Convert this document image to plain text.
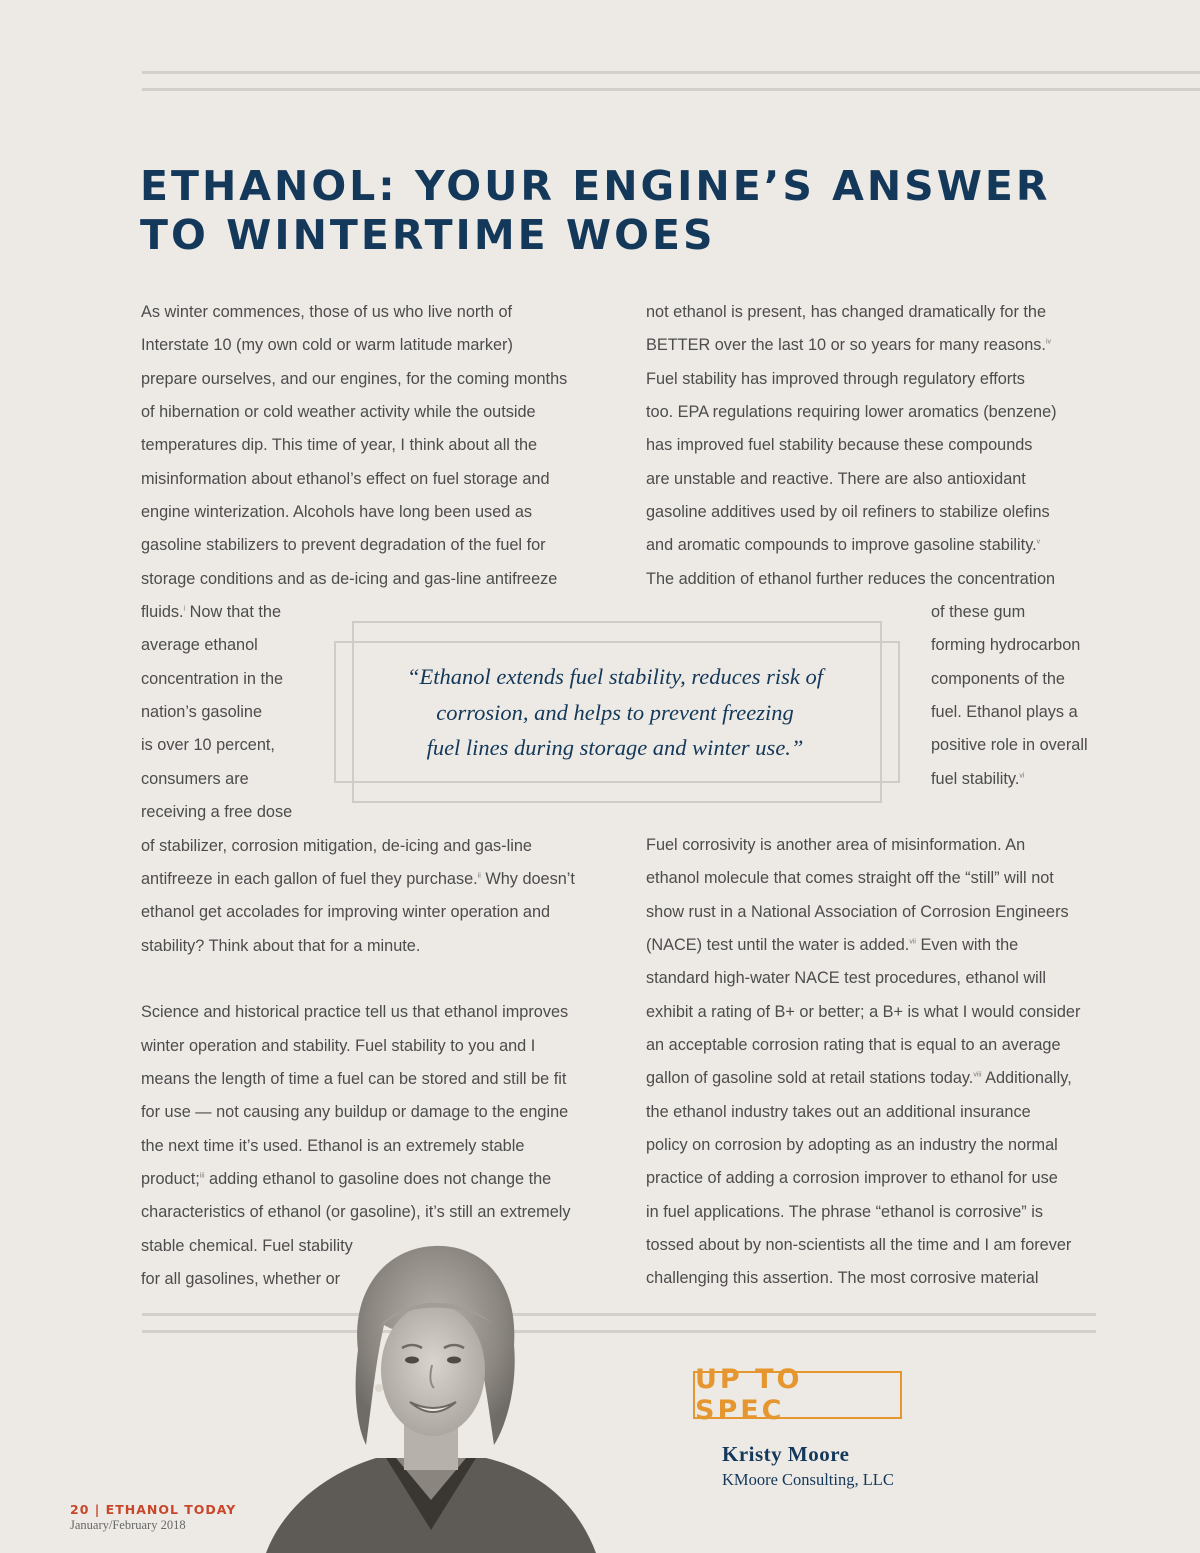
ETHANOL: YOUR ENGINE’S ANSWER
TO WINTERTIME WOES
As winter commences, those of us who live north of
Interstate 10 (my own cold or warm latitude marker)
prepare ourselves, and our engines, for the coming months
of hibernation or cold weather activity while the outside
temperatures dip. This time of year, I think about all the
misinformation about ethanol’s effect on fuel storage and
engine winterization. Alcohols have long been used as
gasoline stabilizers to prevent degradation of the fuel for
storage conditions and as de-icing and gas-line antifreeze
fluids.$^i$ Now that the
average ethanol
concentration in the
nation’s gasoline
is over 10 percent,
consumers are
receiving a free dose
of stabilizer, corrosion mitigation, de-icing and gas-line
antifreeze in each gallon of fuel they purchase.$^{ii}$ Why doesn’t
ethanol get accolades for improving winter operation and
stability? Think about that for a minute.
Science and historical practice tell us that ethanol improves
winter operation and stability. Fuel stability to you and I
means the length of time a fuel can be stored and still be fit
for use — not causing any buildup or damage to the engine
the next time it’s used. Ethanol is an extremely stable
product;$^{iii}$ adding ethanol to gasoline does not change the
characteristics of ethanol (or gasoline), it’s still an extremely
stable chemical. Fuel stability
for all gasolines, whether or
not ethanol is present, has changed dramatically for the
BETTER over the last 10 or so years for many reasons.$^{iv}$
Fuel stability has improved through regulatory efforts
too. EPA regulations requiring lower aromatics (benzene)
has improved fuel stability because these compounds
are unstable and reactive. There are also antioxidant
gasoline additives used by oil refiners to stabilize olefins
and aromatic compounds to improve gasoline stability.$^v$
The addition of ethanol further reduces the concentration
of these gum
forming hydrocarbon
components of the
fuel. Ethanol plays a
positive role in overall
fuel stability.$^{vi}$
Fuel corrosivity is another area of misinformation. An
ethanol molecule that comes straight off the “still” will not
show rust in a National Association of Corrosion Engineers
(NACE) test until the water is added.$^{vii}$ Even with the
standard high-water NACE test procedures, ethanol will
exhibit a rating of B+ or better; a B+ is what I would consider
an acceptable corrosion rating that is equal to an average
gallon of gasoline sold at retail stations today.$^{viii}$ Additionally,
the ethanol industry takes out an additional insurance
policy on corrosion by adopting as an industry the normal
practice of adding a corrosion improver to ethanol for use
in fuel applications. The phrase “ethanol is corrosive” is
tossed about by non-scientists all the time and I am forever
challenging this assertion. The most corrosive material
“Ethanol extends fuel stability, reduces risk of
corrosion, and helps to prevent freezing
fuel lines during storage and winter use.”
UP TO SPEC
Kristy Moore
KMoore Consulting, LLC
20 | ETHANOL TODAY
January/February 2018
